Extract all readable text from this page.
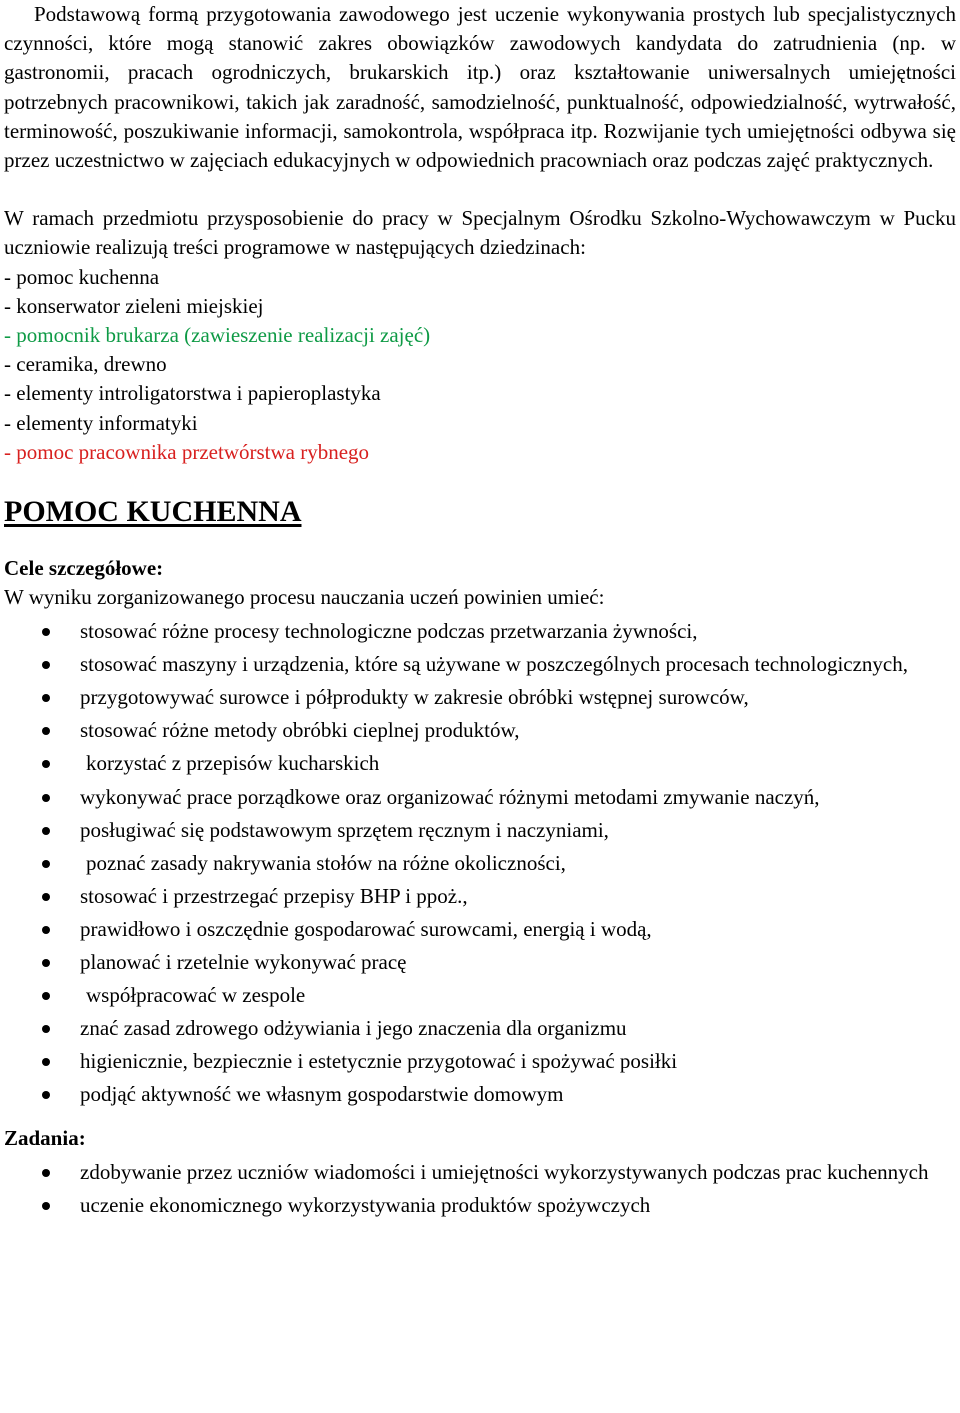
Podstawową formą przygotowania zawodowego jest uczenie wykonywania prostych lub specjalistycznych czynności, które mogą stanowić zakres obowiązków zawodowych kandydata do zatrudnienia (np. w gastronomii, pracach ogrodniczych, brukarskich itp.) oraz kształtowanie uniwersalnych umiejętności potrzebnych pracownikowi, takich jak zaradność, samodzielność, punktualność, odpowiedzialność, wytrwałość, terminowość, poszukiwanie informacji, samokontrola, współpraca itp. Rozwijanie tych umiejętności odbywa się przez uczestnictwo w zajęciach edukacyjnych w odpowiednich pracowniach oraz podczas zajęć praktycznych.

W ramach przedmiotu przysposobienie do pracy w Specjalnym Ośrodku Szkolno-Wychowawczym w Pucku uczniowie realizują treści programowe w następujących dziedzinach:

- pomoc kuchenna
- konserwator zieleni miejskiej
- pomocnik brukarza (zawieszenie realizacji zajęć)
- ceramika, drewno
- elementy introligatorstwa i papieroplastyka
- elementy informatyki
- pomoc pracownika przetwórstwa rybnego
POMOC KUCHENNA
Cele szczegółowe:
W wyniku zorganizowanego procesu nauczania uczeń powinien umieć:
stosować różne procesy technologiczne podczas przetwarzania żywności,
stosować maszyny i urządzenia, które są używane w poszczególnych procesach technologicznych,
przygotowywać surowce i półprodukty w zakresie obróbki wstępnej surowców,
stosować różne metody obróbki cieplnej produktów,
korzystać z przepisów kucharskich
wykonywać prace porządkowe oraz organizować różnymi metodami zmywanie naczyń,
posługiwać się podstawowym sprzętem ręcznym i naczyniami,
poznać zasady nakrywania stołów na różne okoliczności,
stosować i przestrzegać przepisy BHP i ppoż.,
prawidłowo i oszczędnie gospodarować surowcami, energią i wodą,
planować i rzetelnie wykonywać pracę
współpracować w zespole
znać zasad zdrowego odżywiania i jego znaczenia dla organizmu
higienicznie, bezpiecznie i estetycznie przygotować i spożywać posiłki
podjąć aktywność we własnym gospodarstwie domowym
Zadania:
zdobywanie przez uczniów wiadomości i umiejętności wykorzystywanych podczas prac kuchennych
uczenie ekonomicznego wykorzystywania produktów spożywczych
